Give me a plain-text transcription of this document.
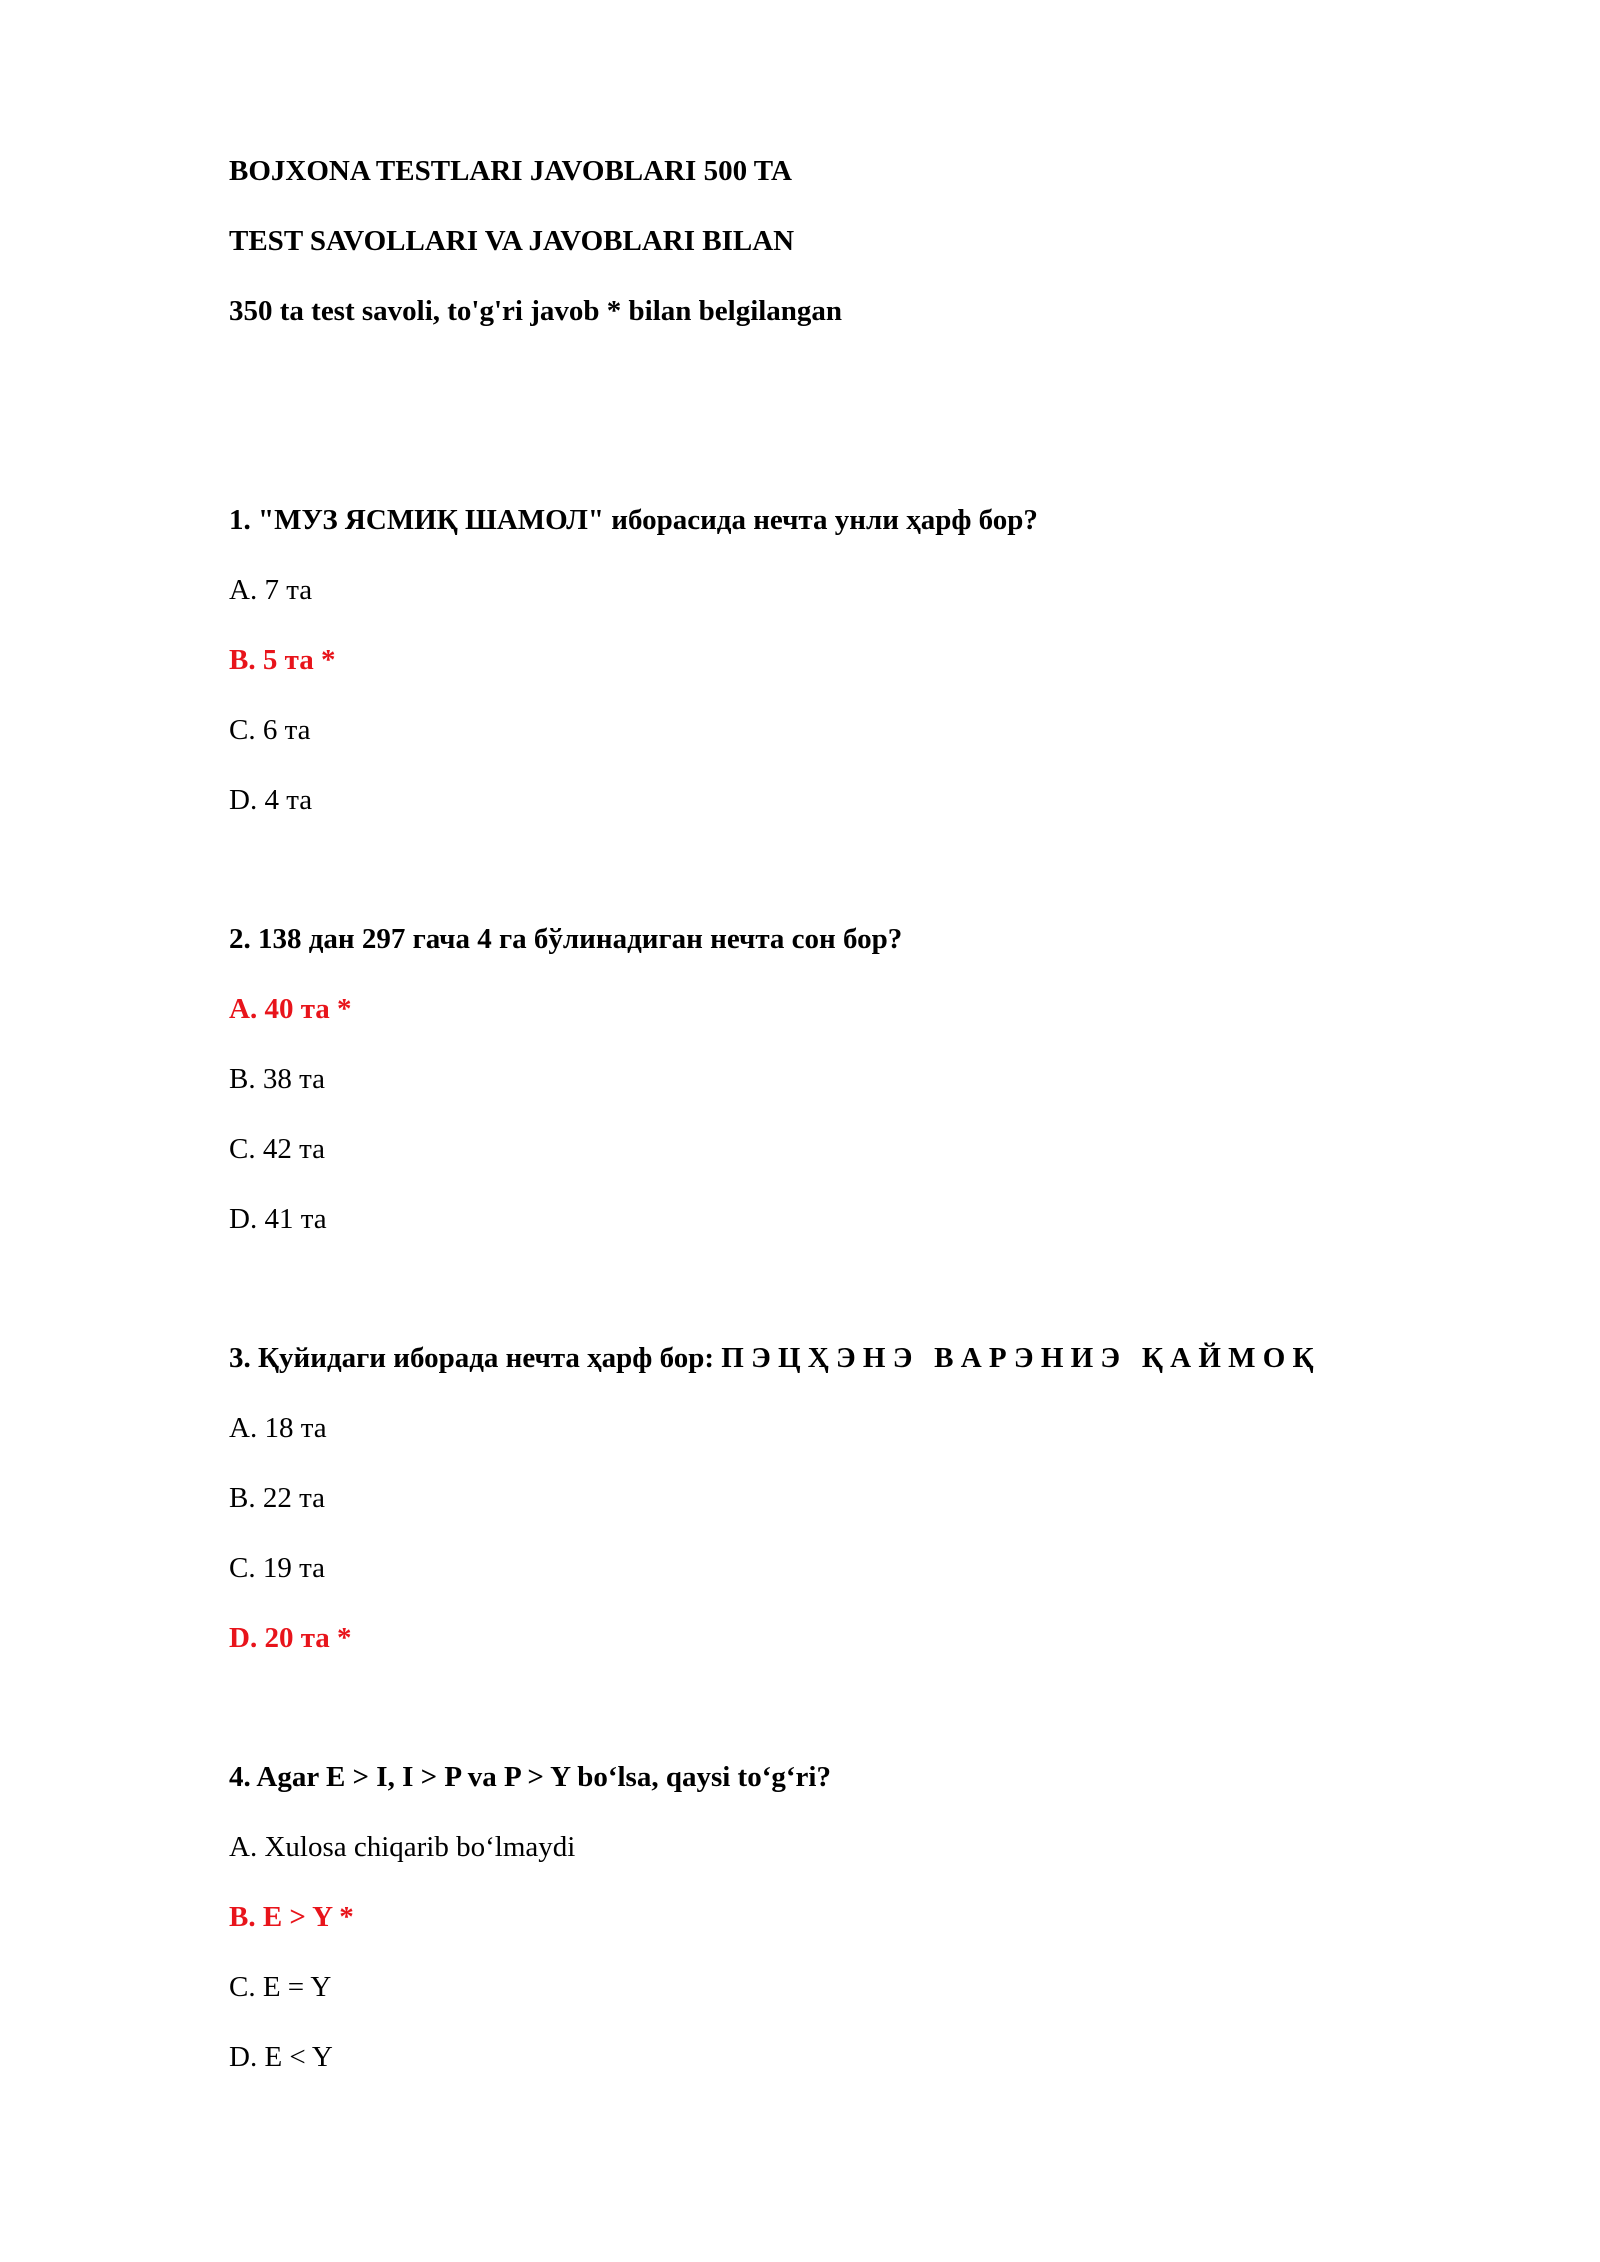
BOJXONA TESTLARI JAVOBLARI 500 TA

TEST SAVOLLARI VA JAVOBLARI BILAN

350 ta test savoli, to'g'ri javob * bilan belgilangan

1. "МУЗ ЯСМИҚ ШАМОЛ" иборасида нечта унли ҳарф бор?

A. 7 та

B. 5 та *

C. 6 та

D. 4 та

2. 138 дан 297 гача 4 га бўлинадиган нечта сон бор?

A. 40 та *

B. 38 та

C. 42 та

D. 41 та

3. Қуйидаги иборада нечта ҳарф бор: П Э Ц Ҳ Э Н Э   В А Р Э Н И Э   Қ А Й М О Қ

A. 18 та

B. 22 та

C. 19 та

D. 20 та *

4. Agar E > I, I > P va P > Y bo‘lsa, qaysi to‘g‘ri?

A. Xulosa chiqarib bo‘lmaydi

B. E > Y *

C. E = Y

D. E < Y
